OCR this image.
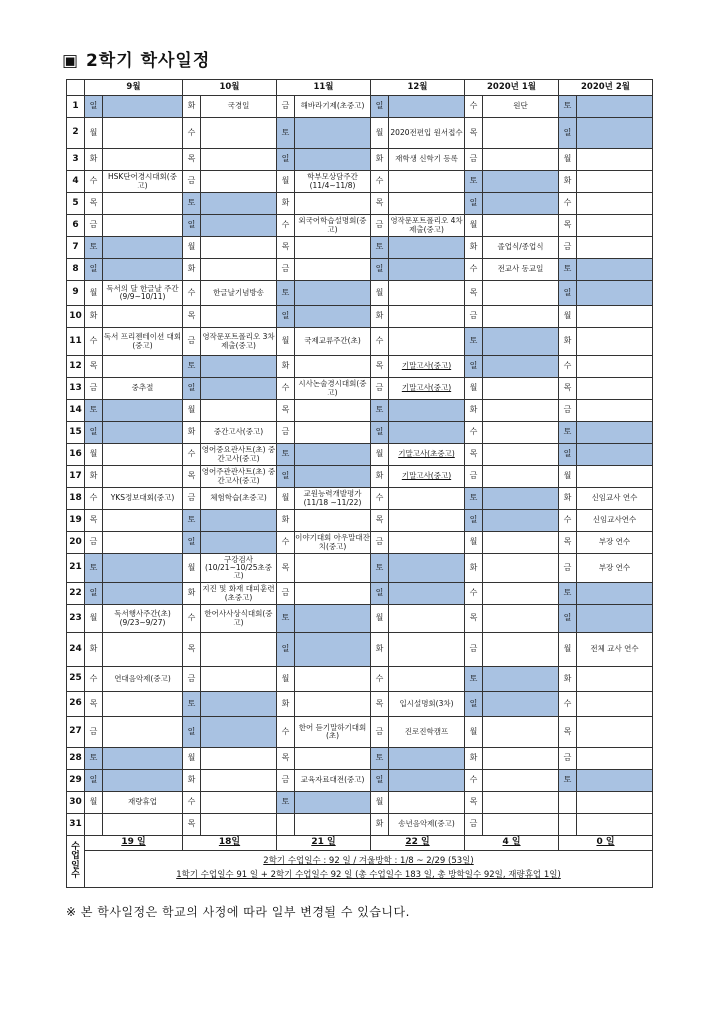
▣ 2학기 학사일정
	9월		10월		11월		12월		2020년 1월		2020년 2월	
1	일		화	국경일	금	해바라기제(초중고)	일		수	원단	토	
2	월		수		토		월	2020전편입 원서접수	목		일	
3	화		목		일		화	재학생 신학기 등록	금		월	
4	수	HSK단어경시대회(중고)	금		월	학부모상담주간 (11/4~11/8)	수		토		화	
5	목		토		화		목		일		수	
6	금		일		수	외국어학습설명회(중고)	금	영작문포트폴리오 4차 제출(중고)	월		목	
7	토		월		목		토		화	졸업식/종업식	금	
8	일		화		금		일		수	전교사 동교일	토	
9	월	독서의 달 한글날 주간 (9/9~10/11)	수	한글날기념방송	토		월		목		일	
10	화		목		일		화		금		월	
11	수	독서 프리젠테이션 대회(중고)	금	영작문포트폴리오 3차 제출(중고)	월	국제교류주간(초)	수		토		화	
12	목		토		화		목	기말고사(중고)	일		수	
13	금	중추절	일		수	시사논술경시대회(중고)	금	기말고사(중고)	월		목	
14	토		월		목		토		화		금	
15	일		화	중간고사(중고)	금		일		수		토	
16	월		수	영어중요관사트(초) 중간고사(중고)	토		월	기말고사(초중고)	목		일	
17	화		목	영어주관관사트(초) 중간고사(중고)	일		화	기말고사(중고)	금		월	
18	수	YKS정보대회(중고)	금	체험학습(초중고)	월	교원능력개발평가 (11/18 ~11/22)	수		토		화	신임교사 연수
19	목		토		화		목		일		수	신임교사연수
20	금		일		수	이야기대회 아우말대잔치(중고)	금		월		목	부장 연수
21	토		월	구강검사 (10/21~10/25초중고)	목		토		화		금	부장 연수
22	일		화	지진 및 화재 대피훈련(초중고)	금		일		수		토	
23	월	독서행사주간(초) (9/23~9/27)	수	한어사사상식대회(중고)	토		월		목		일	
24	화		목		일		화		금		월	전체 교사 연수
25	수	연대음악제(중고)	금		월		수		토		화	
26	목		토		화		목	입시설명회(3차)	일		수	
27	금		일		수	한어 듣기말하기대회(초)	금	진로진학캠프	월		목	
28	토		월		목		토		화		금	
29	일		화		금	교육자료대전(중고)	일		수		토	
30	월	재량휴업	수		토		월		목			
31			목				화	송년음악제(중고)	금			
수업일수	19 일		18일		21 일		22 일		4 일		0 일	

	2학기 수업일수 : 92 일 / 겨울방학 : 1/8 ~ 2/29 (53일)
1학기 수업일수 91 일 + 2학기 수업일수 92 일 (총 수업일수 183 일, 총 방학일수 92일, 재량휴업 1일)											
※ 본 학사일정은 학교의 사정에 따라 일부 변경될 수 있습니다.
